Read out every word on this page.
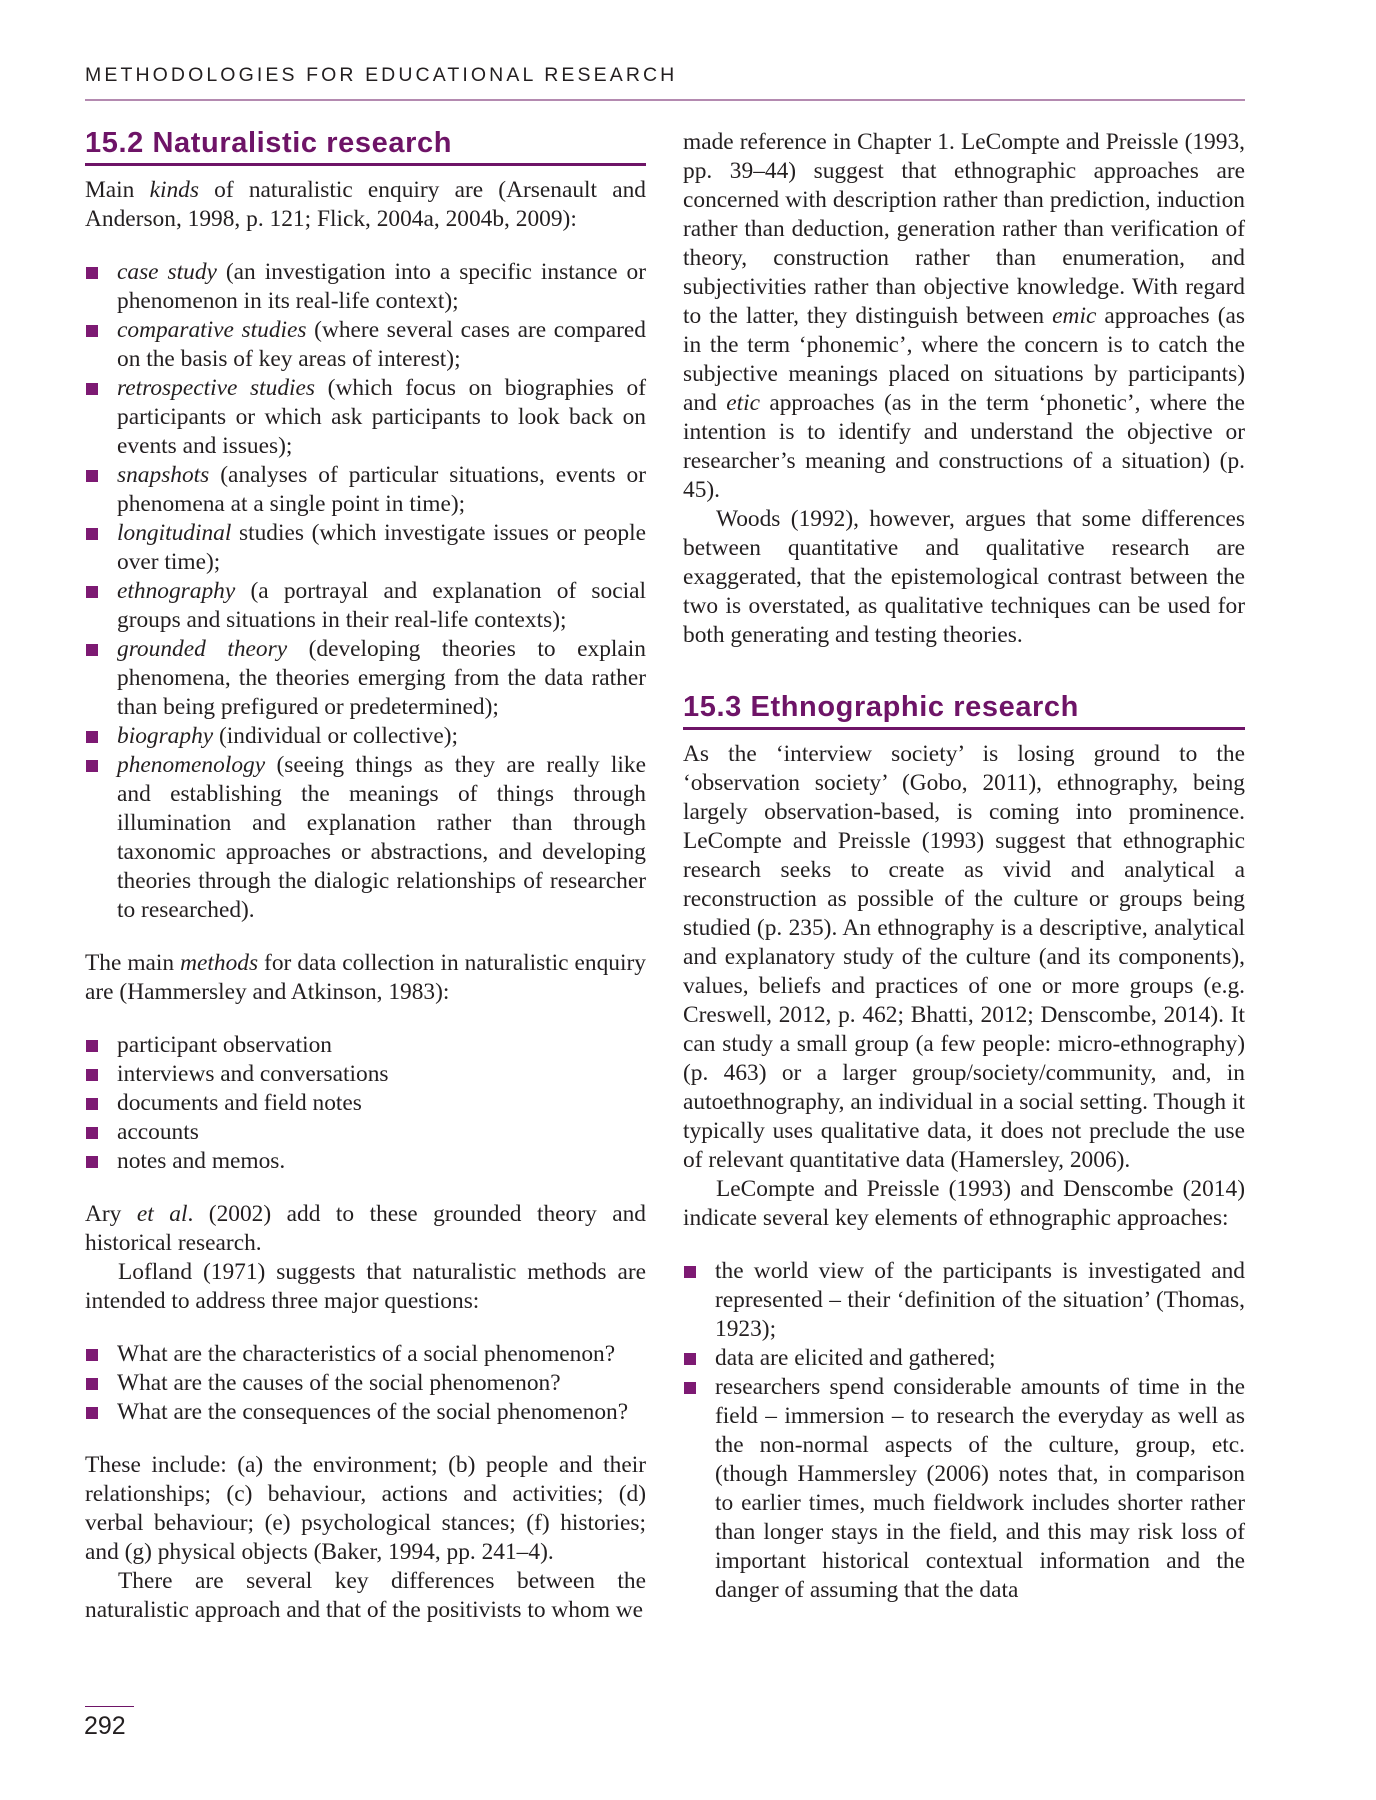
METHODOLOGIES FOR EDUCATIONAL RESEARCH
15.2 Naturalistic research

Main kinds of naturalistic enquiry are (Arsenault and Anderson, 1998, p. 121; Flick, 2004a, 2004b, 2009):

case study (an investigation into a specific instance or phenomenon in its real-life context);
comparative studies (where several cases are compared on the basis of key areas of interest);
retrospective studies (which focus on biographies of participants or which ask participants to look back on events and issues);
snapshots (analyses of particular situations, events or phenomena at a single point in time);
longitudinal studies (which investigate issues or people over time);
ethnography (a portrayal and explanation of social groups and situations in their real-life contexts);
grounded theory (developing theories to explain phenomena, the theories emerging from the data rather than being prefigured or predetermined);
biography (individual or collective);
phenomenology (seeing things as they are really like and establishing the meanings of things through illumination and explanation rather than through taxonomic approaches or abstractions, and developing theories through the dialogic relationships of researcher to researched).

The main methods for data collection in naturalistic enquiry are (Hammersley and Atkinson, 1983):

participant observation
interviews and conversations
documents and field notes
accounts
notes and memos.

Ary et al. (2002) add to these grounded theory and historical research.

Lofland (1971) suggests that naturalistic methods are intended to address three major questions:

What are the characteristics of a social phenomenon?
What are the causes of the social phenomenon?
What are the consequences of the social phenomenon?

These include: (a) the environment; (b) people and their relationships; (c) behaviour, actions and activities; (d) verbal behaviour; (e) psychological stances; (f) histories; and (g) physical objects (Baker, 1994, pp. 241–4).

There are several key differences between the naturalistic approach and that of the positivists to whom we

made reference in Chapter 1. LeCompte and Preissle (1993, pp. 39–44) suggest that ethnographic approaches are concerned with description rather than prediction, induction rather than deduction, generation rather than verification of theory, construction rather than enumeration, and subjectivities rather than objective knowledge. With regard to the latter, they distinguish between emic approaches (as in the term ‘phonemic’, where the concern is to catch the subjective meanings placed on situations by participants) and etic approaches (as in the term ‘phonetic’, where the intention is to identify and understand the objective or researcher’s meaning and constructions of a situation) (p. 45).

Woods (1992), however, argues that some differences between quantitative and qualitative research are exaggerated, that the epistemological contrast between the two is overstated, as qualitative techniques can be used for both generating and testing theories.

15.3 Ethnographic research

As the ‘interview society’ is losing ground to the ‘observation society’ (Gobo, 2011), ethnography, being largely observation-based, is coming into prominence. LeCompte and Preissle (1993) suggest that ethnographic research seeks to create as vivid and analytical a reconstruction as possible of the culture or groups being studied (p. 235). An ethnography is a descriptive, analytical and explanatory study of the culture (and its components), values, beliefs and practices of one or more groups (e.g. Creswell, 2012, p. 462; Bhatti, 2012; Denscombe, 2014). It can study a small group (a few people: micro-ethnography) (p. 463) or a larger group/society/community, and, in autoethnography, an individual in a social setting. Though it typically uses qualitative data, it does not preclude the use of relevant quantitative data (Hamersley, 2006).

LeCompte and Preissle (1993) and Denscombe (2014) indicate several key elements of ethnographic approaches:

the world view of the participants is investigated and represented – their ‘definition of the situation’ (Thomas, 1923);
data are elicited and gathered;
researchers spend considerable amounts of time in the field – immersion – to research the everyday as well as the non-normal aspects of the culture, group, etc. (though Hammersley (2006) notes that, in comparison to earlier times, much fieldwork includes shorter rather than longer stays in the field, and this may risk loss of important historical contextual information and the danger of assuming that the data
292
